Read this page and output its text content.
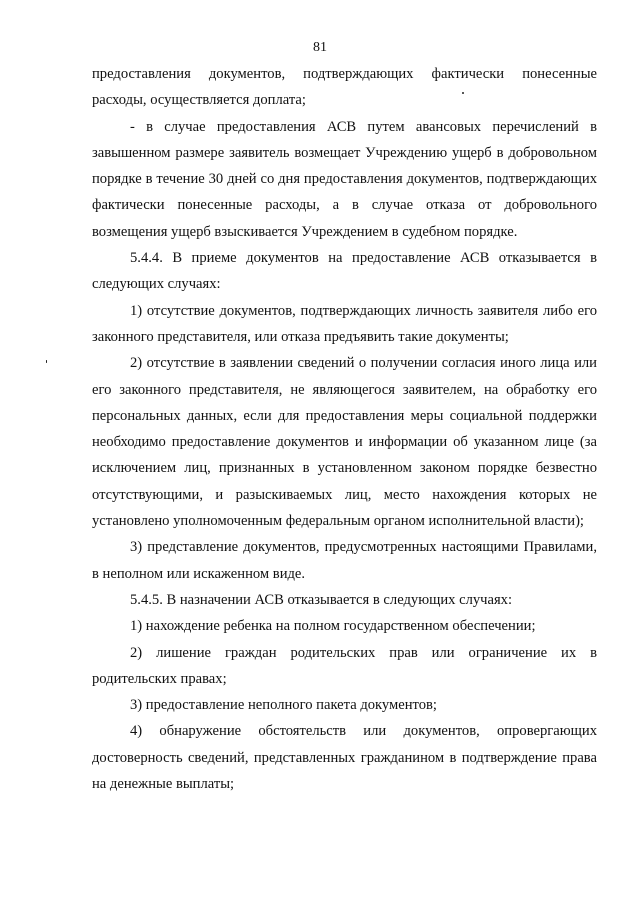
81

предоставления документов, подтверждающих фактически понесенные расходы, осуществляется доплата;

- в случае предоставления АСВ путем авансовых перечислений в завышенном размере заявитель возмещает Учреждению ущерб в добровольном порядке в течение 30 дней со дня предоставления документов, подтверждающих фактически понесенные расходы, а в случае отказа от добровольного возмещения ущерб взыскивается Учреждением в судебном порядке.

5.4.4. В приеме документов на предоставление АСВ отказывается в следующих случаях:

1) отсутствие документов, подтверждающих личность заявителя либо его законного представителя, или отказа предъявить такие документы;

2) отсутствие в заявлении сведений о получении согласия иного лица или его законного представителя, не являющегося заявителем, на обработку его персональных данных, если для предоставления меры социальной поддержки необходимо предоставление документов и информации об указанном лице (за исключением лиц, признанных в установленном законом порядке безвестно отсутствующими, и разыскиваемых лиц, место нахождения которых не установлено уполномоченным федеральным органом исполнительной власти);

3) представление документов, предусмотренных настоящими Правилами, в неполном или искаженном виде.

5.4.5. В назначении АСВ отказывается в следующих случаях:

1) нахождение ребенка на полном государственном обеспечении;

2) лишение граждан родительских прав или ограничение их в родительских правах;

3) предоставление неполного пакета документов;

4) обнаружение обстоятельств или документов, опровергающих достоверность сведений, представленных гражданином в подтверждение права на денежные выплаты;
